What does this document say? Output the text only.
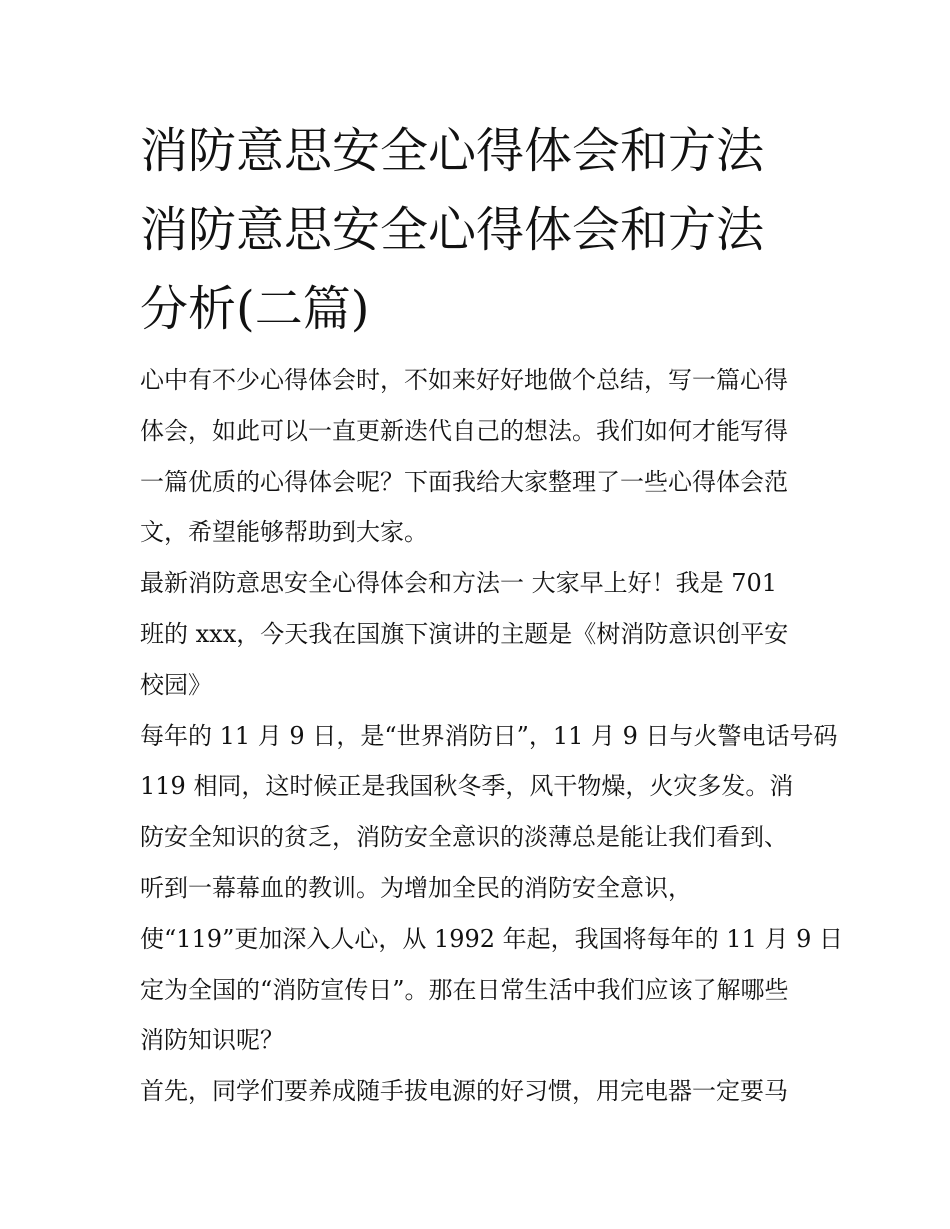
消防意思安全心得体会和方法
消防意思安全心得体会和方法
分析(二篇)
心中有不少心得体会时，不如来好好地做个总结，写一篇心得
体会，如此可以一直更新迭代自己的想法。我们如何才能写得
一篇优质的心得体会呢？下面我给大家整理了一些心得体会范
文，希望能够帮助到大家。
最新消防意思安全心得体会和方法一 大家早上好！我是 701
班的 xxx，今天我在国旗下演讲的主题是《树消防意识创平安
校园》
每年的 11 月 9 日，是“世界消防日”，11 月 9 日与火警电话号码
119 相同，这时候正是我国秋冬季，风干物燥，火灾多发。消
防安全知识的贫乏，消防安全意识的淡薄总是能让我们看到、
听到一幕幕血的教训。为增加全民的消防安全意识，
使“119”更加深入人心，从 1992 年起，我国将每年的 11 月 9 日
定为全国的“消防宣传日”。那在日常生活中我们应该了解哪些
消防知识呢？
首先，同学们要养成随手拔电源的好习惯，用完电器一定要马
